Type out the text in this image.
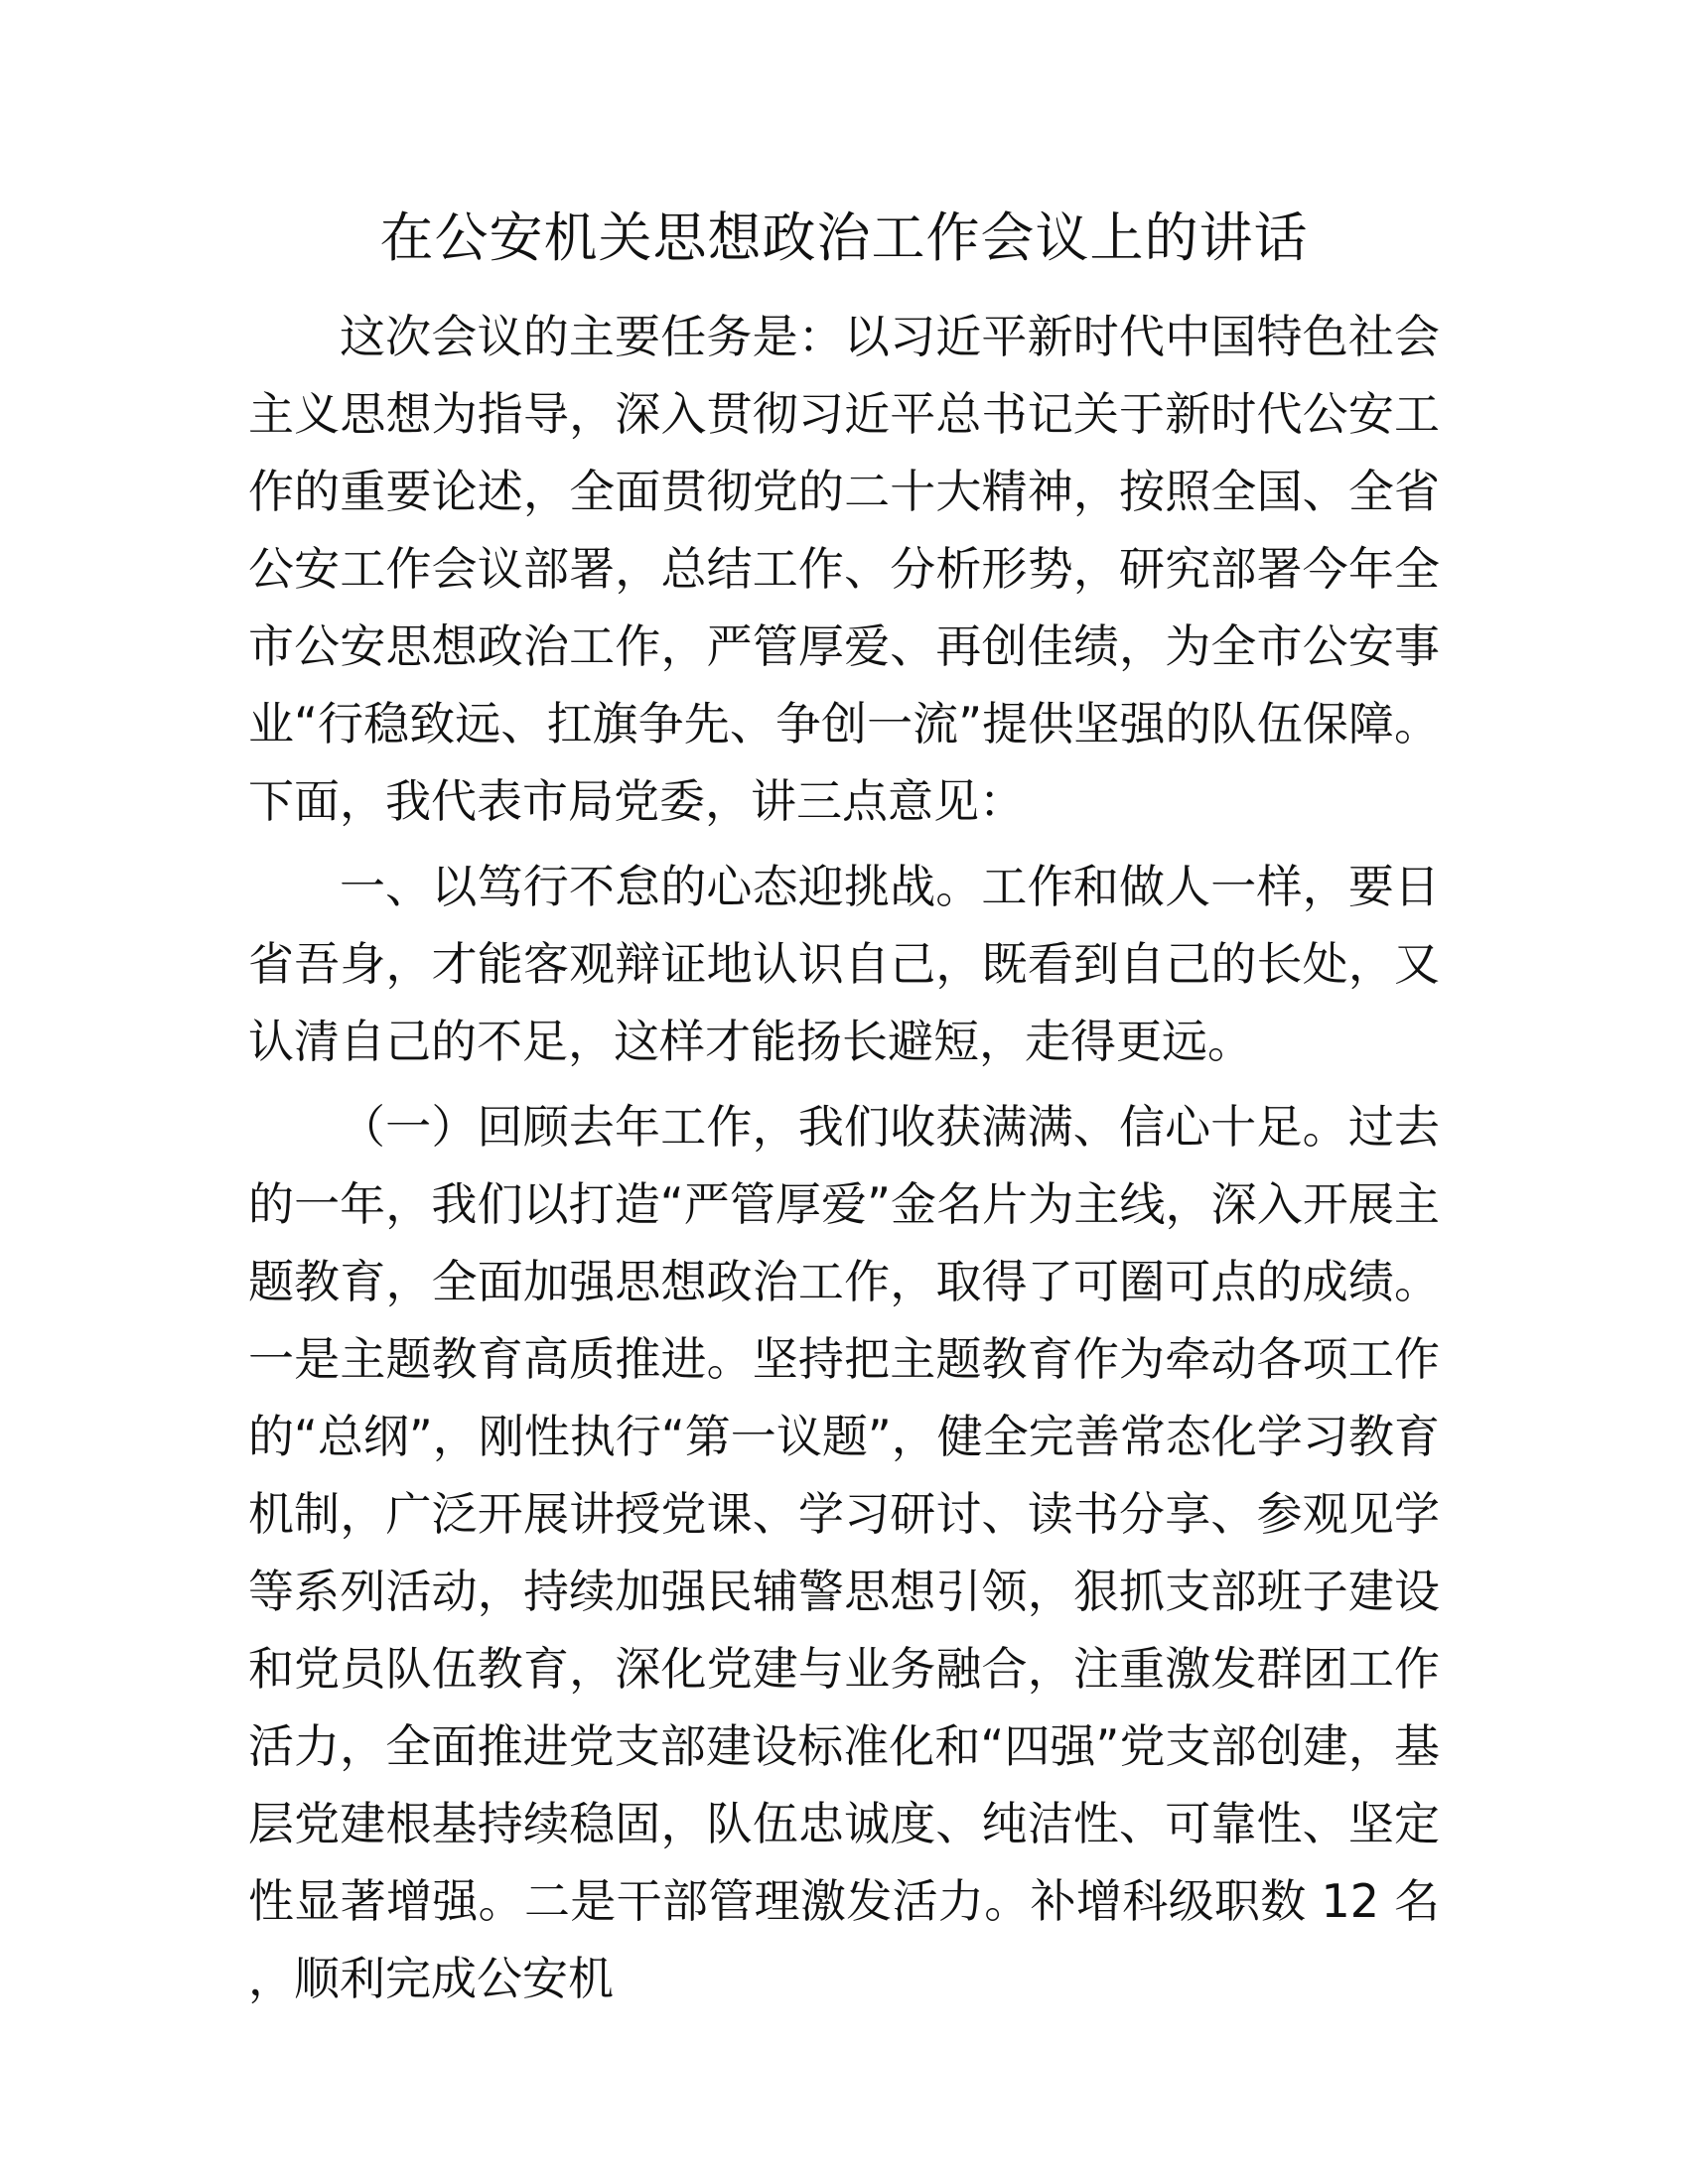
在公安机关思想政治工作会议上的讲话

这次会议的主要任务是：以习近平新时代中国特色社会主义思想为指导，深入贯彻习近平总书记关于新时代公安工作的重要论述，全面贯彻党的二十大精神，按照全国、全省公安工作会议部署，总结工作、分析形势，研究部署今年全市公安思想政治工作，严管厚爱、再创佳绩，为全市公安事业“行稳致远、扛旗争先、争创一流”提供坚强的队伍保障。下面，我代表市局党委，讲三点意见：

一、以笃行不怠的心态迎挑战。工作和做人一样，要日省吾身，才能客观辩证地认识自己，既看到自己的长处，又认清自己的不足，这样才能扬长避短，走得更远。

（一）回顾去年工作，我们收获满满、信心十足。过去的一年，我们以打造“严管厚爱”金名片为主线，深入开展主题教育，全面加强思想政治工作，取得了可圈可点的成绩。一是主题教育高质推进。坚持把主题教育作为牵动各项工作的“总纲”，刚性执行“第一议题”，健全完善常态化学习教育机制，广泛开展讲授党课、学习研讨、读书分享、参观见学等系列活动，持续加强民辅警思想引领，狠抓支部班子建设和党员队伍教育，深化党建与业务融合，注重激发群团工作活力，全面推进党支部建设标准化和“四强”党支部创建，基层党建根基持续稳固，队伍忠诚度、纯洁性、可靠性、坚定性显著增强。二是干部管理激发活力。补增科级职数 12 名，顺利完成公安机
